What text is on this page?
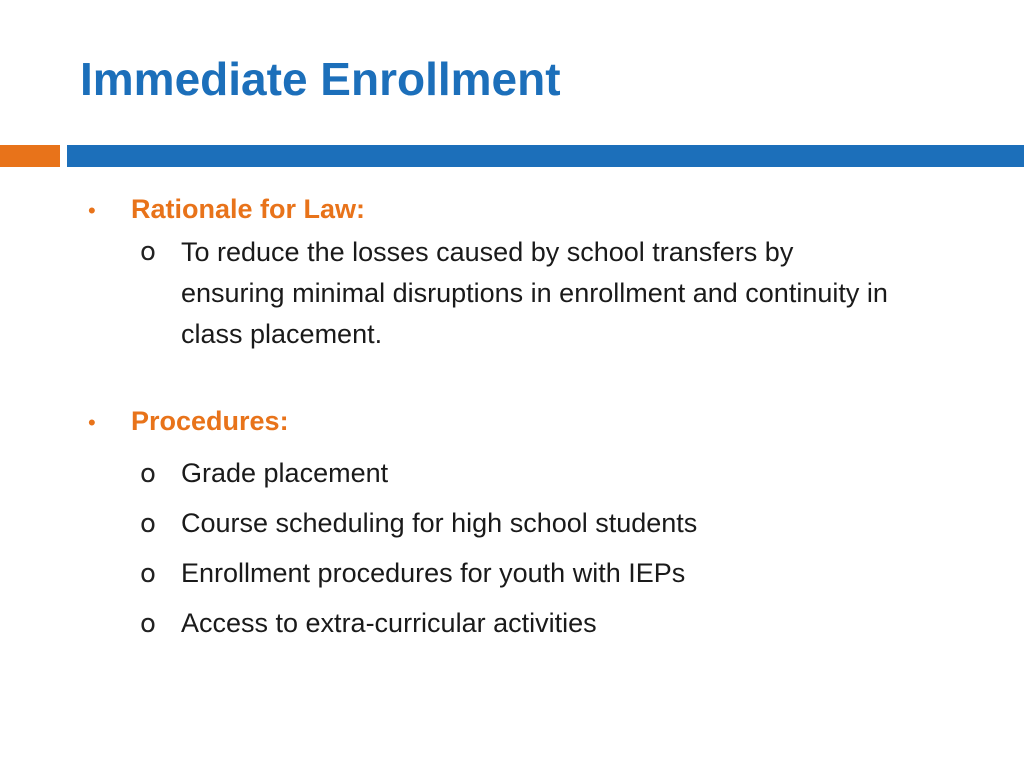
Immediate Enrollment
• Rationale for Law:
o To reduce the losses caused by school transfers by ensuring minimal disruptions in enrollment and continuity in class placement.
• Procedures:
o Grade placement
o Course scheduling for high school students
o Enrollment procedures for youth with IEPs
o Access to extra-curricular activities
